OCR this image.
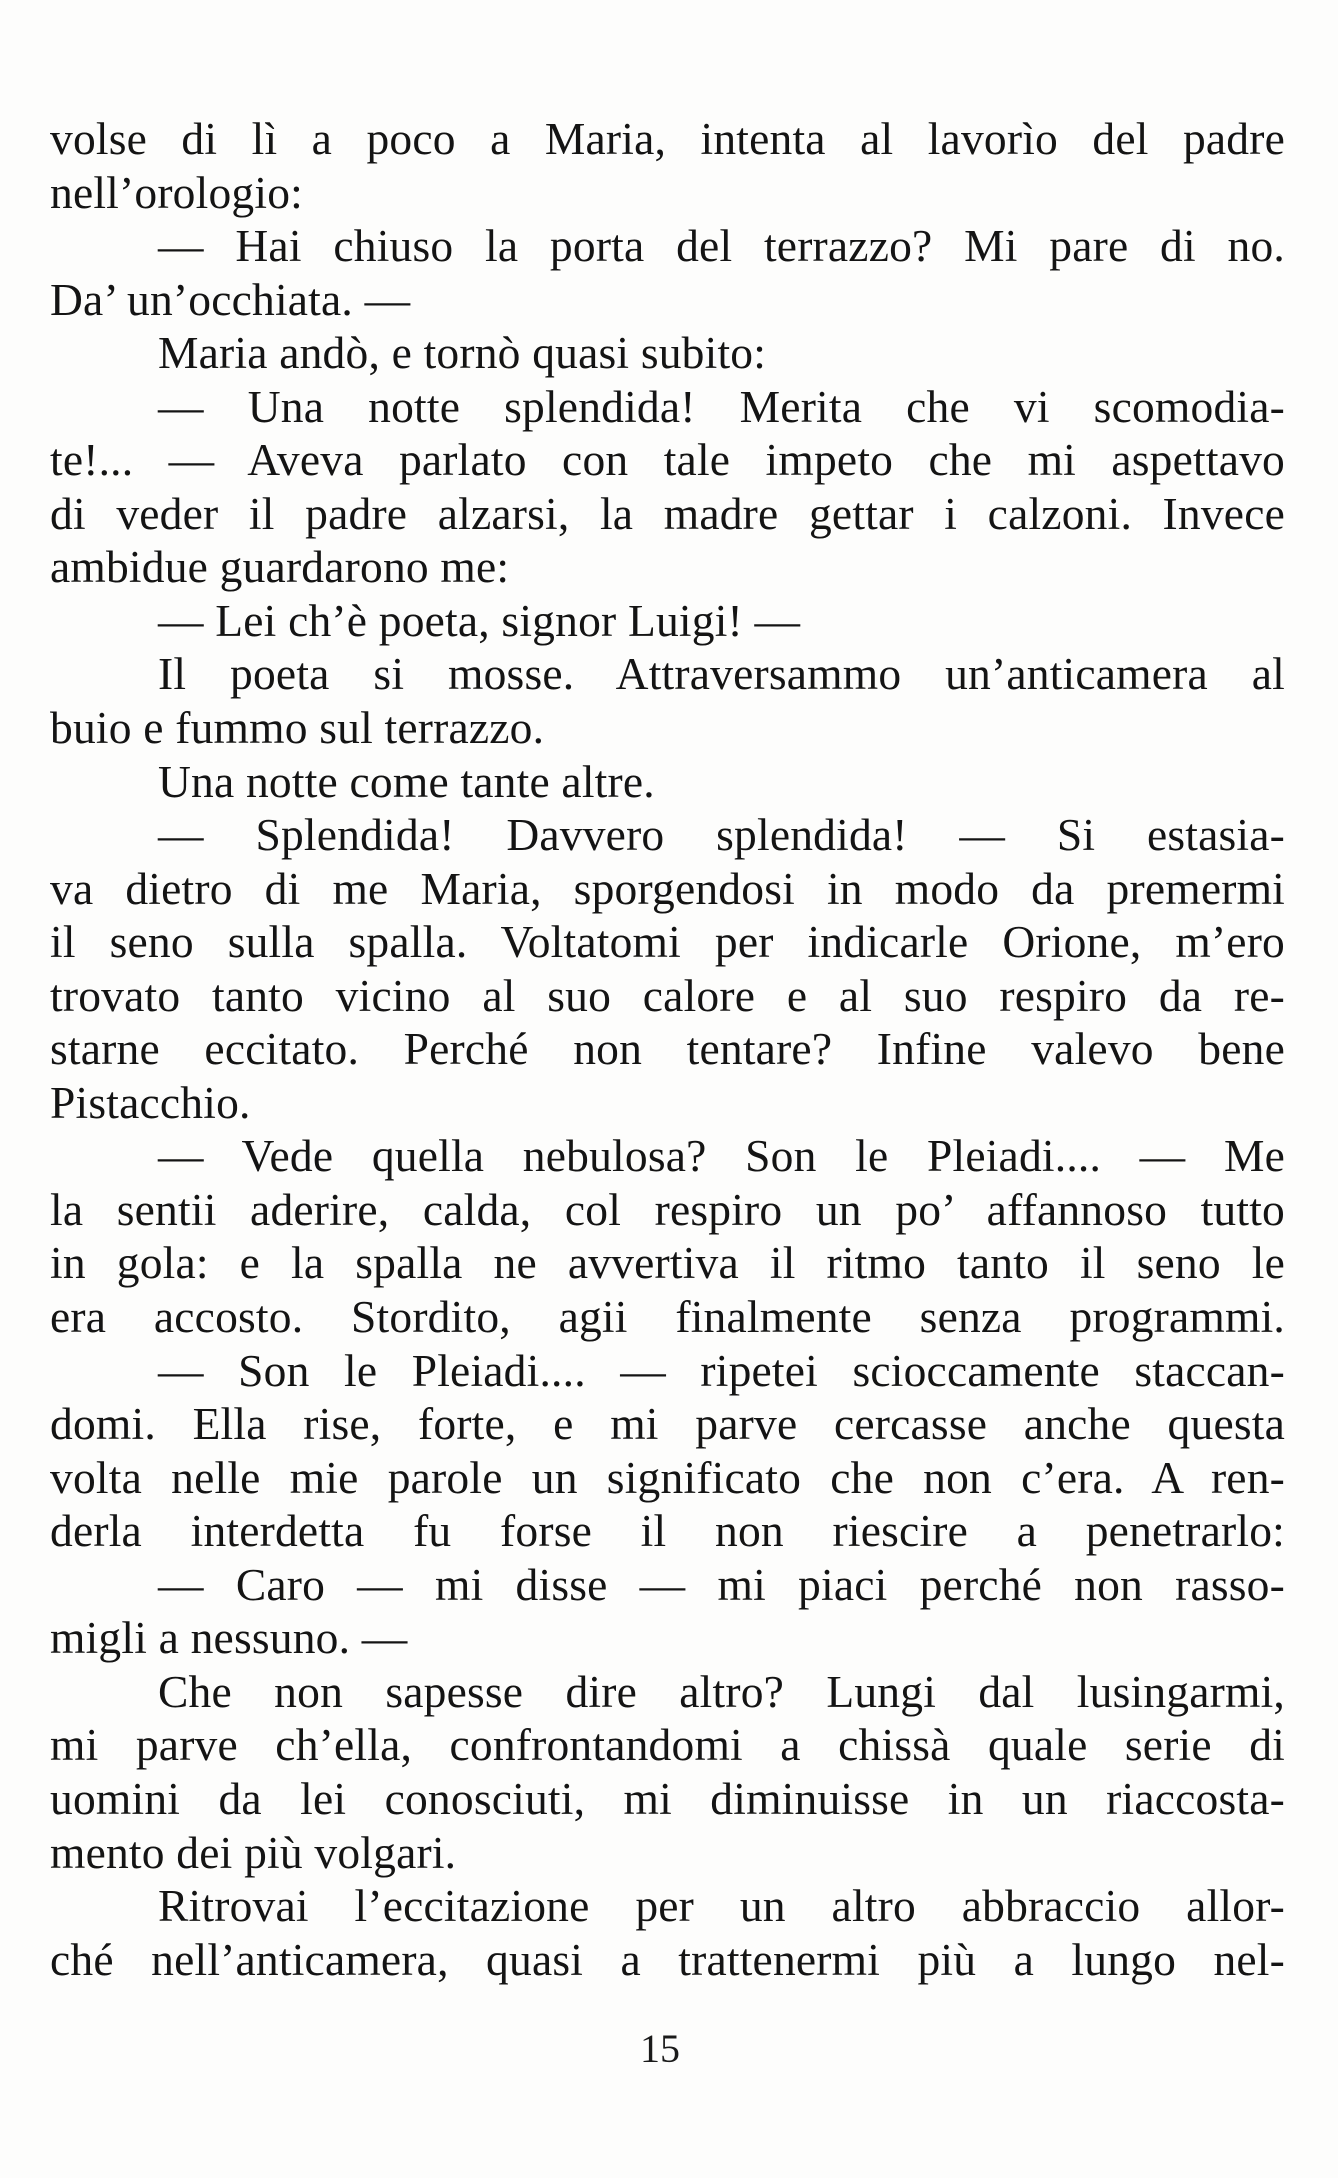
volse di lì a poco a Maria, intenta al lavorìo del padre
nell’orologio:
— Hai chiuso la porta del terrazzo? Mi pare di no.
Da’ un’occhiata. —
Maria andò, e tornò quasi subito:
— Una notte splendida! Merita che vi scomodia-
te!... — Aveva parlato con tale impeto che mi aspettavo
di veder il padre alzarsi, la madre gettar i calzoni. Invece
ambidue guardarono me:
— Lei ch’è poeta, signor Luigi! —
Il poeta si mosse. Attraversammo un’anticamera al
buio e fummo sul terrazzo.
Una notte come tante altre.
— Splendida! Davvero splendida! — Si estasia-
va dietro di me Maria, sporgendosi in modo da premermi
il seno sulla spalla. Voltatomi per indicarle Orione, m’ero
trovato tanto vicino al suo calore e al suo respiro da re-
starne eccitato. Perché non tentare? Infine valevo bene
Pistacchio.
— Vede quella nebulosa? Son le Pleiadi.... — Me
la sentii aderire, calda, col respiro un po’ affannoso tutto
in gola: e la spalla ne avvertiva il ritmo tanto il seno le
era accosto. Stordito, agii finalmente senza programmi.
— Son le Pleiadi.... — ripetei scioccamente staccan-
domi. Ella rise, forte, e mi parve cercasse anche questa
volta nelle mie parole un significato che non c’era. A ren-
derla interdetta fu forse il non riescire a penetrarlo:
— Caro — mi disse — mi piaci perché non rasso-
migli a nessuno. —
Che non sapesse dire altro? Lungi dal lusingarmi,
mi parve ch’ella, confrontandomi a chissà quale serie di
uomini da lei conosciuti, mi diminuisse in un riaccosta-
mento dei più volgari.
Ritrovai l’eccitazione per un altro abbraccio allor-
ché nell’anticamera, quasi a trattenermi più a lungo nel-
15
